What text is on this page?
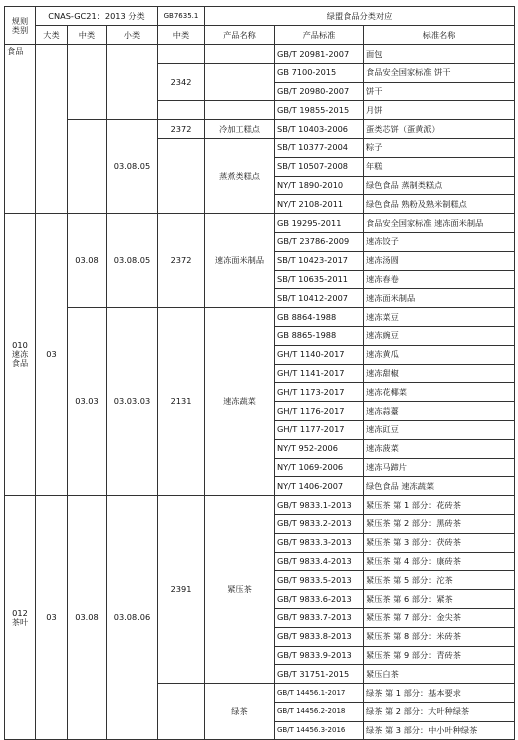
规则
类别	CNAS-GC21：2013 分类			GB7635.1	绿盟食品分类对应		
	大类	中类	小类	中类	产品名称	产品标准	标准名称

食品						GB/T 20981-2007	面包
				2342		GB 7100-2015	食品安全国家标准 饼干
						GB/T 20980-2007	饼干
						GB/T 19855-2015	月饼
			03.08.05	2372	冷加工糕点	SB/T 10403-2006	蛋类芯饼（蛋黄派）
					蒸煮类糕点	SB/T 10377-2004	粽子
						SB/T 10507-2008	年糕
						NY/T 1890-2010	绿色食品 蒸制类糕点
						NY/T 2108-2011	绿色食品 熟粉及熟米制糕点

010
速冻
食品	03	03.08	03.08.05	2372	速冻面米制品	GB 19295-2011	食品安全国家标准 速冻面米制品
						GB/T 23786-2009	速冻饺子
						SB/T 10423-2017	速冻汤圆
						SB/T 10635-2011	速冻春卷
						SB/T 10412-2007	速冻面米制品
		03.03	03.03.03	2131	速冻蔬菜	GB 8864-1988	速冻菜豆
						GB 8865-1988	速冻豌豆
						GH/T 1140-2017	速冻黄瓜
						GH/T 1141-2017	速冻甜椒
						GH/T 1173-2017	速冻花椰菜
						GH/T 1176-2017	速冻蒜薹
						GH/T 1177-2017	速冻豇豆
						NY/T 952-2006	速冻菠菜
						NY/T 1069-2006	速冻马蹄片
						NY/T 1406-2007	绿色食品 速冻蔬菜

012
茶叶	03	03.08	03.08.06	2391	紧压茶	GB/T 9833.1-2013	紧压茶 第 1 部分：花砖茶
						GB/T 9833.2-2013	紧压茶 第 2 部分：黑砖茶
						GB/T 9833.3-2013	紧压茶 第 3 部分：茯砖茶
						GB/T 9833.4-2013	紧压茶 第 4 部分：康砖茶
						GB/T 9833.5-2013	紧压茶 第 5 部分：沱茶
						GB/T 9833.6-2013	紧压茶 第 6 部分：紧茶
						GB/T 9833.7-2013	紧压茶 第 7 部分：金尖茶
						GB/T 9833.8-2013	紧压茶 第 8 部分：米砖茶
						GB/T 9833.9-2013	紧压茶 第 9 部分：青砖茶
						GB/T 31751-2015	紧压白茶
					绿茶	GB/T 14456.1-2017	绿茶 第 1 部分：基本要求
						GB/T 14456.2-2018	绿茶 第 2 部分：大叶种绿茶
						GB/T 14456.3-2016	绿茶 第 3 部分：中小叶种绿茶
